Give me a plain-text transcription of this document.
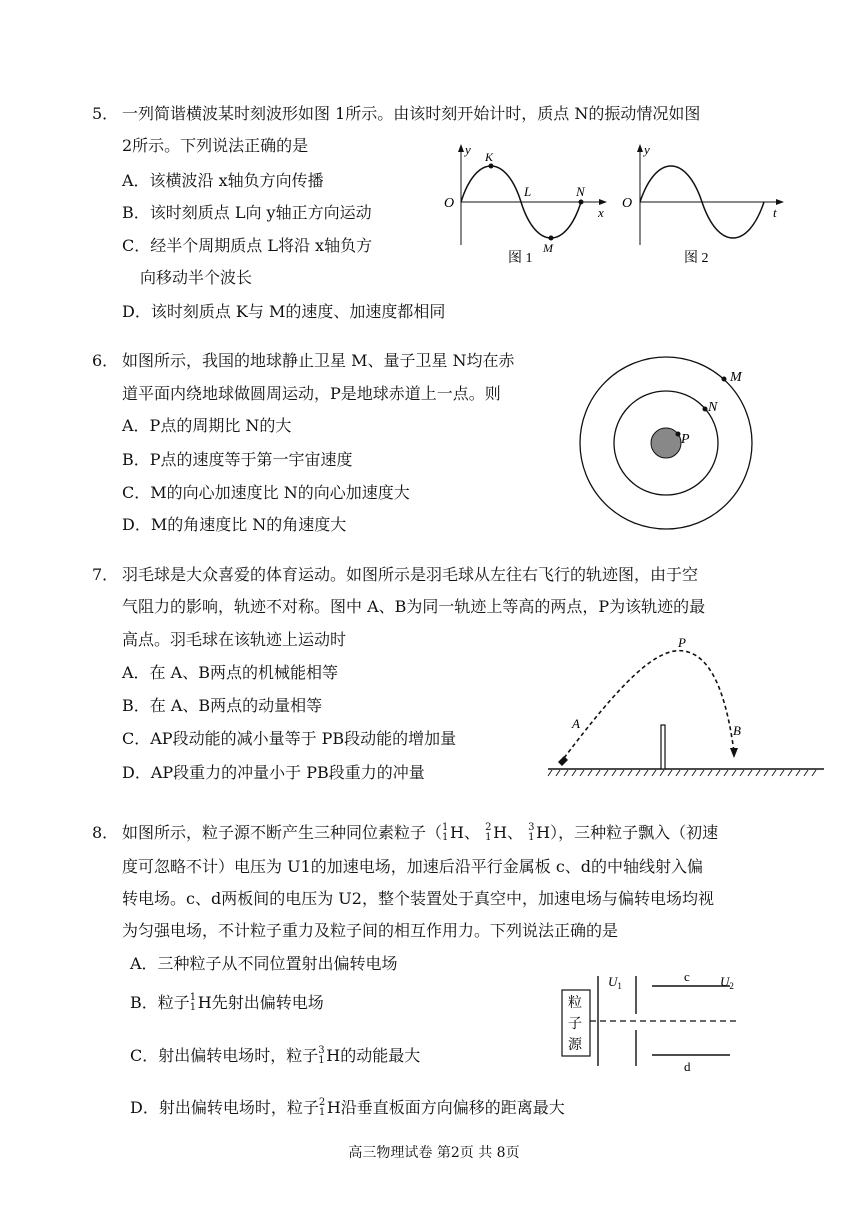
5． 一列简谐横波某时刻波形如图 1所示。由该时刻开始计时，质点 N的振动情况如图
2所示。下列说法正确的是
A．该横波沿 x轴负方向传播
B．该时刻质点 L向 y轴正方向运动
C．经半个周期质点 L将沿 x轴负方
向移动半个波长
D．该时刻质点 K与 M的速度、加速度都相同
y
O
x
K
L	N
M
图 1
y
O
t
图 2
6． 如图所示，我国的地球静止卫星 M、量子卫星 N均在赤
道平面内绕地球做圆周运动，P是地球赤道上一点。则
A．P点的周期比 N的大
B．P点的速度等于第一宇宙速度
C．M的向心加速度比 N的向心加速度大
D．M的角速度比 N的角速度大
M
N
P
7． 羽毛球是大众喜爱的体育运动。如图所示是羽毛球从左往右飞行的轨迹图，由于空
气阻力的影响，轨迹不对称。图中 A、B为同一轨迹上等高的两点，P为该轨迹的最
高点。羽毛球在该轨迹上运动时
A．在 A、B两点的机械能相等
B．在 A、B两点的动量相等
C．AP段动能的减小量等于 PB段动能的增加量
D．AP段重力的冲量小于 PB段重力的冲量
A
P
B
8． 如图所示，粒子源不断产生三种同位素粒子（ 1
1 H、 2
1 H、 3
1 H），三种粒子飘入（初速
度可忽略不计）电压为 U1的加速电场，加速后沿平行金属板 c、d的中轴线射入偏
转电场。c、d两板间的电压为 U2，整个装置处于真空中，加速电场与偏转电场均视
为匀强电场，不计粒子重力及粒子间的相互作用力。下列说法正确的是
A．三种粒子从不同位置射出偏转电场
B．粒子 1
1 H先射出偏转电场
C．射出偏转电场时，粒子 3
1 H的动能最大
D．射出偏转电场时，粒子 2
1 H沿垂直板面方向偏移的距离最大
粒
子
源
$U_1$
c $U_2$
d
高三物理试卷 第2页 共 8页
